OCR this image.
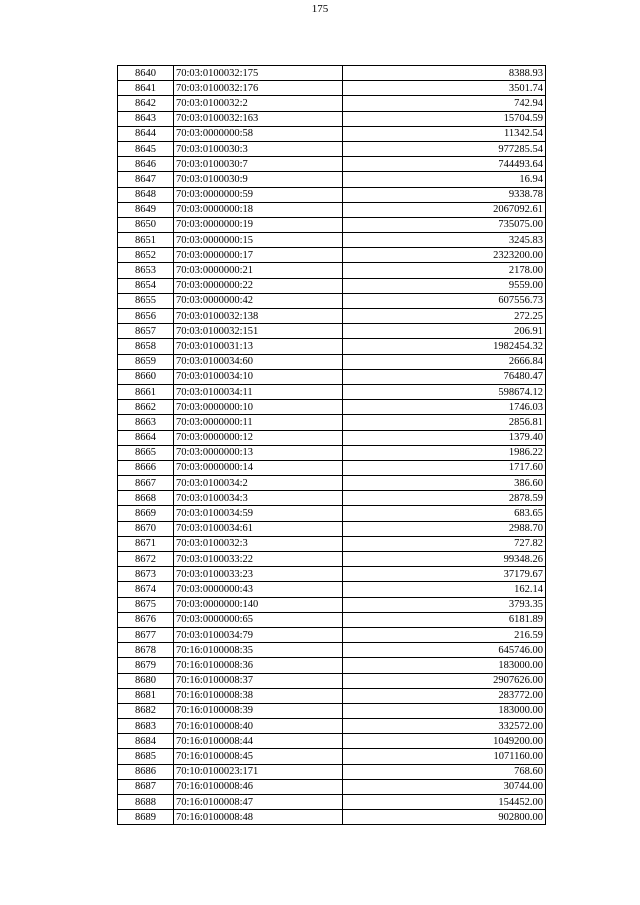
175
8640	70:03:0100032:175	8388.93
8641	70:03:0100032:176	3501.74
8642	70:03:0100032:2	742.94
8643	70:03:0100032:163	15704.59
8644	70:03:0000000:58	11342.54
8645	70:03:0100030:3	977285.54
8646	70:03:0100030:7	744493.64
8647	70:03:0100030:9	16.94
8648	70:03:0000000:59	9338.78
8649	70:03:0000000:18	2067092.61
8650	70:03:0000000:19	735075.00
8651	70:03:0000000:15	3245.83
8652	70:03:0000000:17	2323200.00
8653	70:03:0000000:21	2178.00
8654	70:03:0000000:22	9559.00
8655	70:03:0000000:42	607556.73
8656	70:03:0100032:138	272.25
8657	70:03:0100032:151	206.91
8658	70:03:0100031:13	1982454.32
8659	70:03:0100034:60	2666.84
8660	70:03:0100034:10	76480.47
8661	70:03:0100034:11	598674.12
8662	70:03:0000000:10	1746.03
8663	70:03:0000000:11	2856.81
8664	70:03:0000000:12	1379.40
8665	70:03:0000000:13	1986.22
8666	70:03:0000000:14	1717.60
8667	70:03:0100034:2	386.60
8668	70:03:0100034:3	2878.59
8669	70:03:0100034:59	683.65
8670	70:03:0100034:61	2988.70
8671	70:03:0100032:3	727.82
8672	70:03:0100033:22	99348.26
8673	70:03:0100033:23	37179.67
8674	70:03:0000000:43	162.14
8675	70:03:0000000:140	3793.35
8676	70:03:0000000:65	6181.89
8677	70:03:0100034:79	216.59
8678	70:16:0100008:35	645746.00
8679	70:16:0100008:36	183000.00
8680	70:16:0100008:37	2907626.00
8681	70:16:0100008:38	283772.00
8682	70:16:0100008:39	183000.00
8683	70:16:0100008:40	332572.00
8684	70:16:0100008:44	1049200.00
8685	70:16:0100008:45	1071160.00
8686	70:10:0100023:171	768.60
8687	70:16:0100008:46	30744.00
8688	70:16:0100008:47	154452.00
8689	70:16:0100008:48	902800.00
